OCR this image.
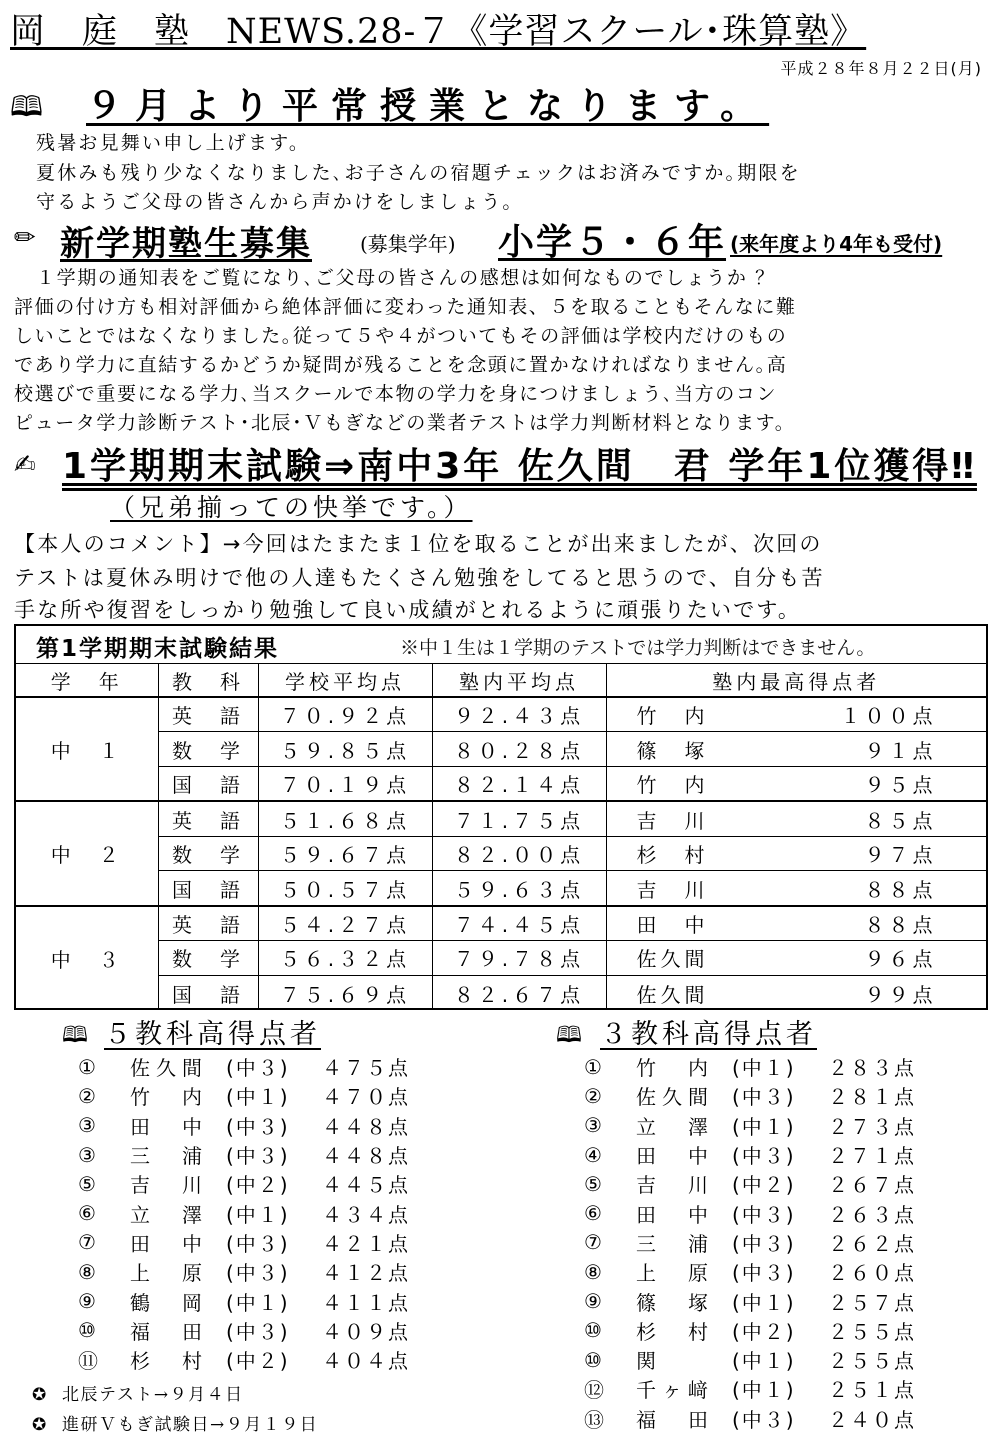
岡　庭　塾　NEWS.28-７《学習スクール･珠算塾》
平成２８年８月２２日(月)
🕮 ９月より平常授業となります。
残暑お見舞い申し上げます。
夏休みも残り少なくなりました､お子さんの宿題チェックはお済みですか｡期限を
守るようご父母の皆さんから声かけをしましょう。
✏ 新学期塾生募集 (募集学年) 小学５・６年 (来年度より4年も受付)
１学期の通知表をご覧になり､ご父母の皆さんの感想は如何なものでしょうか ？
評価の付け方も相対評価から絶体評価に変わった通知表、５を取ることもそんなに難
しいことではなくなりました｡従って５や４がついてもその評価は学校内だけのもの
であり学力に直結するかどうか疑問が残ることを念頭に置かなければなりません｡高
校選びで重要になる学力､当スクールで本物の学力を身につけましょう､当方のコン
ピュータ学力診断テスト･北辰･Ｖもぎなどの業者テストは学力判断材料となります。
✍ 1学期期末試験⇒南中3年 佐久間　君 学年1位獲得‼
（兄弟揃っての快挙です。）
【本人のコメント】→今回はたまたま１位を取ることが出来ましたが、次回の
テストは夏休み明けで他の人達もたくさん勉強をしてると思うので、自分も苦
手な所や復習をしっかり勉強して良い成績がとれるように頑張りたいです。
第1学期期末試験結果	※中１生は１学期のテストでは学力判断はできません。
学　年	教　科	学校平均点	塾内平均点	塾内最高得点者
中　１	英　語	７０.９２点	９２.４３点	竹　内 １００点
	数　学	５９.８５点	８０.２８点	篠　塚 ９１点
	国　語	７０.１９点	８２.１４点	竹　内 ９５点
中　２	英　語	５１.６８点	７１.７５点	吉　川 ８５点
	数　学	５９.６７点	８２.００点	杉　村 ９７点
	国　語	５０.５７点	５９.６３点	吉　川 ８８点
中　３	英　語	５４.２７点	７４.４５点	田　中 ８８点
	数　学	５６.３２点	７９.７８点	佐久間 ９６点
	国　語	７５.６９点	８２.６７点	佐久間 ９９点
🕮 ５教科高得点者
①	佐久間 (中３)	４７５点
②	竹　内 (中１)	４７０点
③	田　中 (中３)	４４８点
③	三　浦 (中３)	４４８点
⑤	吉　川 (中２)	４４５点
⑥	立　澤 (中１)	４３４点
⑦	田　中 (中３)	４２１点
⑧	上　原 (中３)	４１２点
⑨	鶴　岡 (中１)	４１１点
⑩	福　田 (中３)	４０９点
⑪	杉　村 (中２)	４０４点
🕮 ３教科高得点者
①	竹　内 (中１)	２８３点
②	佐久間 (中３)	２８１点
③	立　澤 (中１)	２７３点
④	田　中 (中３)	２７１点
⑤	吉　川 (中２)	２６７点
⑥	田　中 (中３)	２６３点
⑦	三　浦 (中３)	２６２点
⑧	上　原 (中３)	２６０点
⑨	篠　塚 (中１)	２５７点
⑩	杉　村 (中２)	２５５点
⑩	関	(中１)	２５５点
⑫	千ヶ﨑 (中１)	２５１点
⑬	福　田 (中３)	２４０点
✪ 北辰テスト→９月４日
✪ 進研Ｖもぎ試験日→９月１９日
